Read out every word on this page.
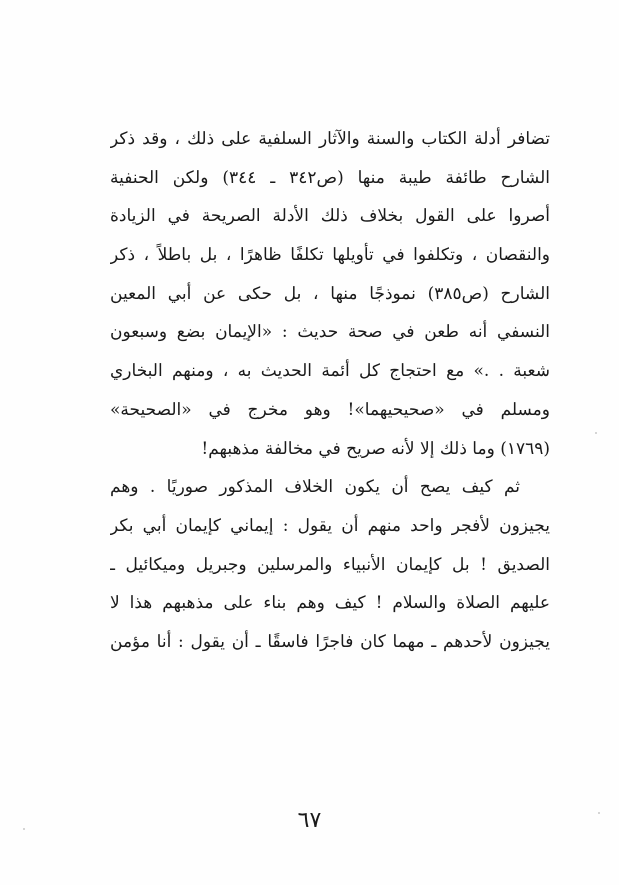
تضافر أدلة الكتاب والسنة والآثار السلفية على ذلك ، وقد ذكر
الشارح طائفة طيبة منها (ص٣٤٢ ـ ٣٤٤) ولكن الحنفية
أصروا على القول بخلاف ذلك الأدلة الصريحة في الزيادة
والنقصان ، وتكلفوا في تأويلها تكلفًا ظاهرًا ، بل باطلاً ، ذكر
الشارح (ص٣٨٥) نموذجًا منها ، بل حكى عن أبي المعين
النسفي أنه طعن في صحة حديث : «الإيمان بضع وسبعون
شعبة . .» مع احتجاج كل أئمة الحديث به ، ومنهم البخاري
ومسلم في «صحيحيهما»! وهو مخرج في «الصحيحة»
(١٧٦٩) وما ذلك إلا لأنه صريح في مخالفة مذهبهم!
ثم كيف يصح أن يكون الخلاف المذكور صوريًا . وهم
يجيزون لأفجر واحد منهم أن يقول : إيماني كإيمان أبي بكر
الصديق ! بل كإيمان الأنبياء والمرسلين وجبريل وميكائيل ـ
عليهم الصلاة والسلام ! كيف وهم بناء على مذهبهم هذا لا
يجيزون لأحدهم ـ مهما كان فاجرًا فاسقًا ـ أن يقول : أنا مؤمن
٦٧
